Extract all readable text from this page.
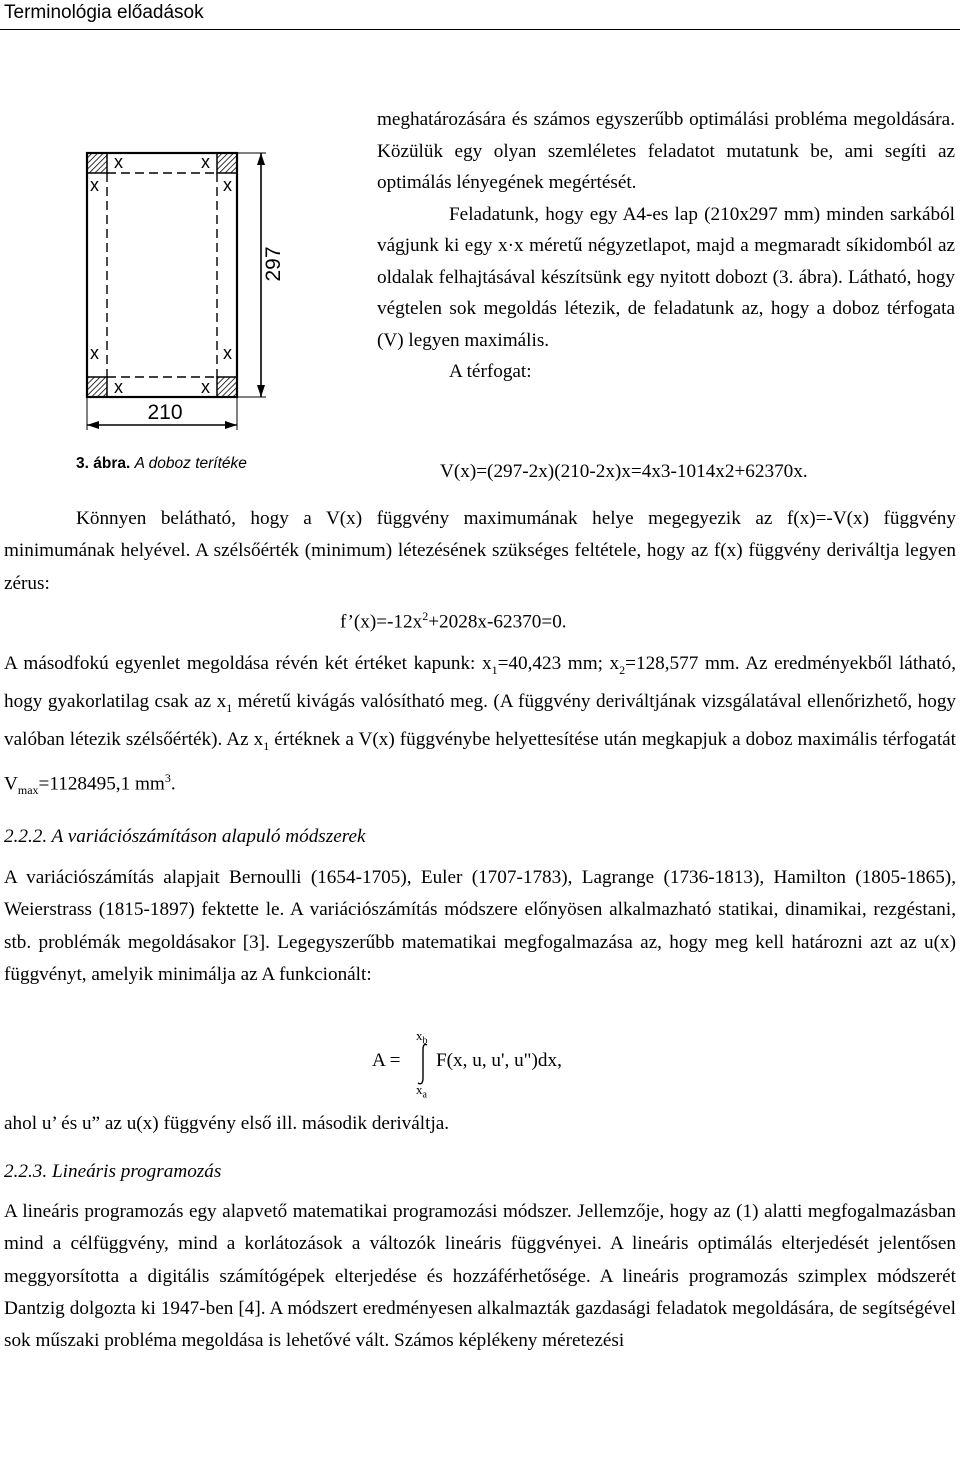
Terminológia előadások
x	x
x	x
x	x
x	x
297
210
3. ábra. A doboz terítéke

meghatározására és számos egyszerűbb optimálási probléma megoldására. Közülük egy olyan szemléletes feladatot mutatunk be, ami segíti az optimálás lényegének megértését.

Feladatunk, hogy egy A4-es lap (210x297 mm) minden sarkából vágjunk ki egy x·x méretű négyzetlapot, majd a megmaradt síkidomból az oldalak felhajtásával készítsünk egy nyitott dobozt (3. ábra). Látható, hogy végtelen sok megoldás létezik, de feladatunk az, hogy a doboz térfogata (V) legyen maximális.

A térfogat:

V(x)=(297-2x)(210-2x)x=4x3-1014x2+62370x.

Könnyen belátható, hogy a V(x) függvény maximumának helye megegyezik az f(x)=-V(x) függvény minimumának helyével. A szélsőérték (minimum) létezésének szükséges feltétele, hogy az f(x) függvény deriváltja legyen zérus:

$f’(x)=-12x^2+2028x-62370=0$.

A másodfokú egyenlet megoldása révén két értéket kapunk: $x_1=40,423$ mm; $x_2=128,577$ mm. Az eredményekből látható, hogy gyakorlatilag csak az $x_1$ méretű kivágás valósítható meg. (A függvény deriváltjának vizsgálatával ellenőrizhető, hogy valóban létezik szélsőérték). Az $x_1$ értéknek a V(x) függvénybe helyettesítése után megkapjuk a doboz maximális térfogatát $V_{max}=1128495,1$ $mm^3$.

2.2.2. A variációszámításon alapuló módszerek

A variációszámítás alapjait Bernoulli (1654-1705), Euler (1707-1783), Lagrange (1736-1813), Hamilton (1805-1865), Weierstrass (1815-1897) fektette le. A variációszámítás módszere előnyösen alkalmazható statikai, dinamikai, rezgéstani, stb. problémák megoldásakor [3]. Legegyszerűbb matematikai megfogalmazása az, hogy meg kell határozni azt az u(x) függvényt, amelyik minimálja az A funkcionált:

A =
$x_b$
$x_a$
F(x, u, u', u")dx,

ahol u’ és u” az u(x) függvény első ill. második deriváltja.

2.2.3. Lineáris programozás

A lineáris programozás egy alapvető matematikai programozási módszer. Jellemzője, hogy az (1) alatti megfogalmazásban mind a célfüggvény, mind a korlátozások a változók lineáris függvényei. A lineáris optimálás elterjedését jelentősen meggyorsította a digitális számítógépek elterjedése és hozzáférhetősége. A lineáris programozás szimplex módszerét Dantzig dolgozta ki 1947-ben [4]. A módszert eredményesen alkalmazták gazdasági feladatok megoldására, de segítségével sok műszaki probléma megoldása is lehetővé vált. Számos képlékeny méretezési
